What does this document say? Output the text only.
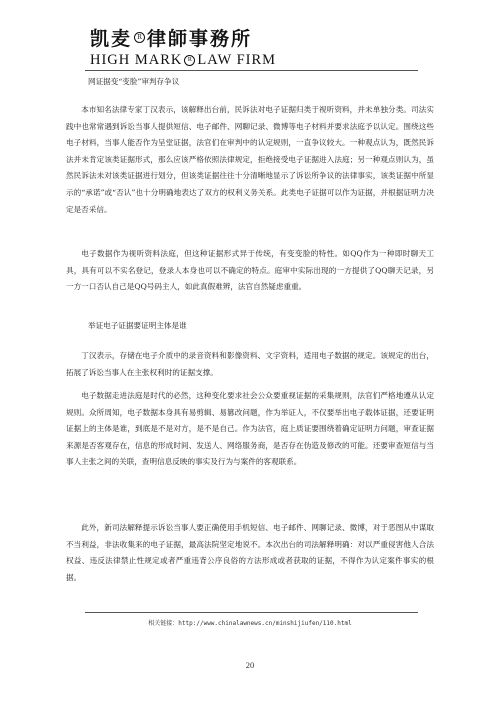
凯麦 R 律師事務所
HIGH MARK R LAW FIRM
网证据变“变脸”审判存争议
本市知名法律专家丁汉表示，该解释出台前，民诉法对电子证据归类于视听资料，并未单独分类。司法实践中也常常遇到诉讼当事人提供短信、电子邮件、网聊记录、微博等电子材料并要求法庭予以认定。围绕这些电子材料，当事人能否作为呈堂证据，法官们在审判中的认定规则，一直争议较大。一种观点认为，既然民诉法并未肯定该类证据形式，那么应该严格依照法律规定，拒绝接受电子证据进入法庭；另一种观点则认为，虽然民诉法未对该类证据进行划分，但该类证据往往十分清晰地显示了诉讼所争议的法律事实，该类证据中所显示的“承诺”或“否认”也十分明确地表达了双方的权利义务关系。此类电子证据可以作为证据，并根据证明力决定是否采信。
电子数据作为视听资料法庭，但这种证据形式异于传统，有变变脸的特性。如QQ作为一种即时聊天工具，具有可以不实名登记，登录人本身也可以不确定的特点。庭审中实际出现的一方提供了QQ聊天记录，另一方一口否认自己是QQ号码主人，如此真假难辨，法官自然疑虑重重。
举证电子证据要证明主体是谁
丁汉表示，存储在电子介质中的录音资料和影像资料、文字资料，适用电子数据的规定。该规定的出台，拓展了诉讼当事人在主张权利时的证据支撑。
电子数据走进法庭是时代的必然，这种变化要求社会公众要重视证据的采集规则，法官们严格地遵从认定规则。众所周知，电子数据本身具有易剪辑、易篡改问题，作为举证人，不仅要举出电子载体证据，还要证明证据上的主体是谁，到底是不是对方，是不是自己。作为法官，庭上质证要围绕着确定证明力问题，审查证据来源是否客观存在，信息的形成时间、发送人、网络服务商，是否存在伪造及修改的可能。还要审查短信与当事人主张之间的关联，查明信息反映的事实及行为与案件的客观联系。
此外，新司法解释提示诉讼当事人要正确使用手机短信、电子邮件、网聊记录、微博，对于恶图从中谋取不当利益，非法收集来的电子证据，最高法院坚定地说不。本次出台的司法解释明确：对以严重侵害他人合法权益、违反法律禁止性规定或者严重违背公序良俗的方法形成或者获取的证据，不得作为认定案件事实的根据。
相关链接：http://www.chinalawnews.cn/minshijiufen/110.html
20
